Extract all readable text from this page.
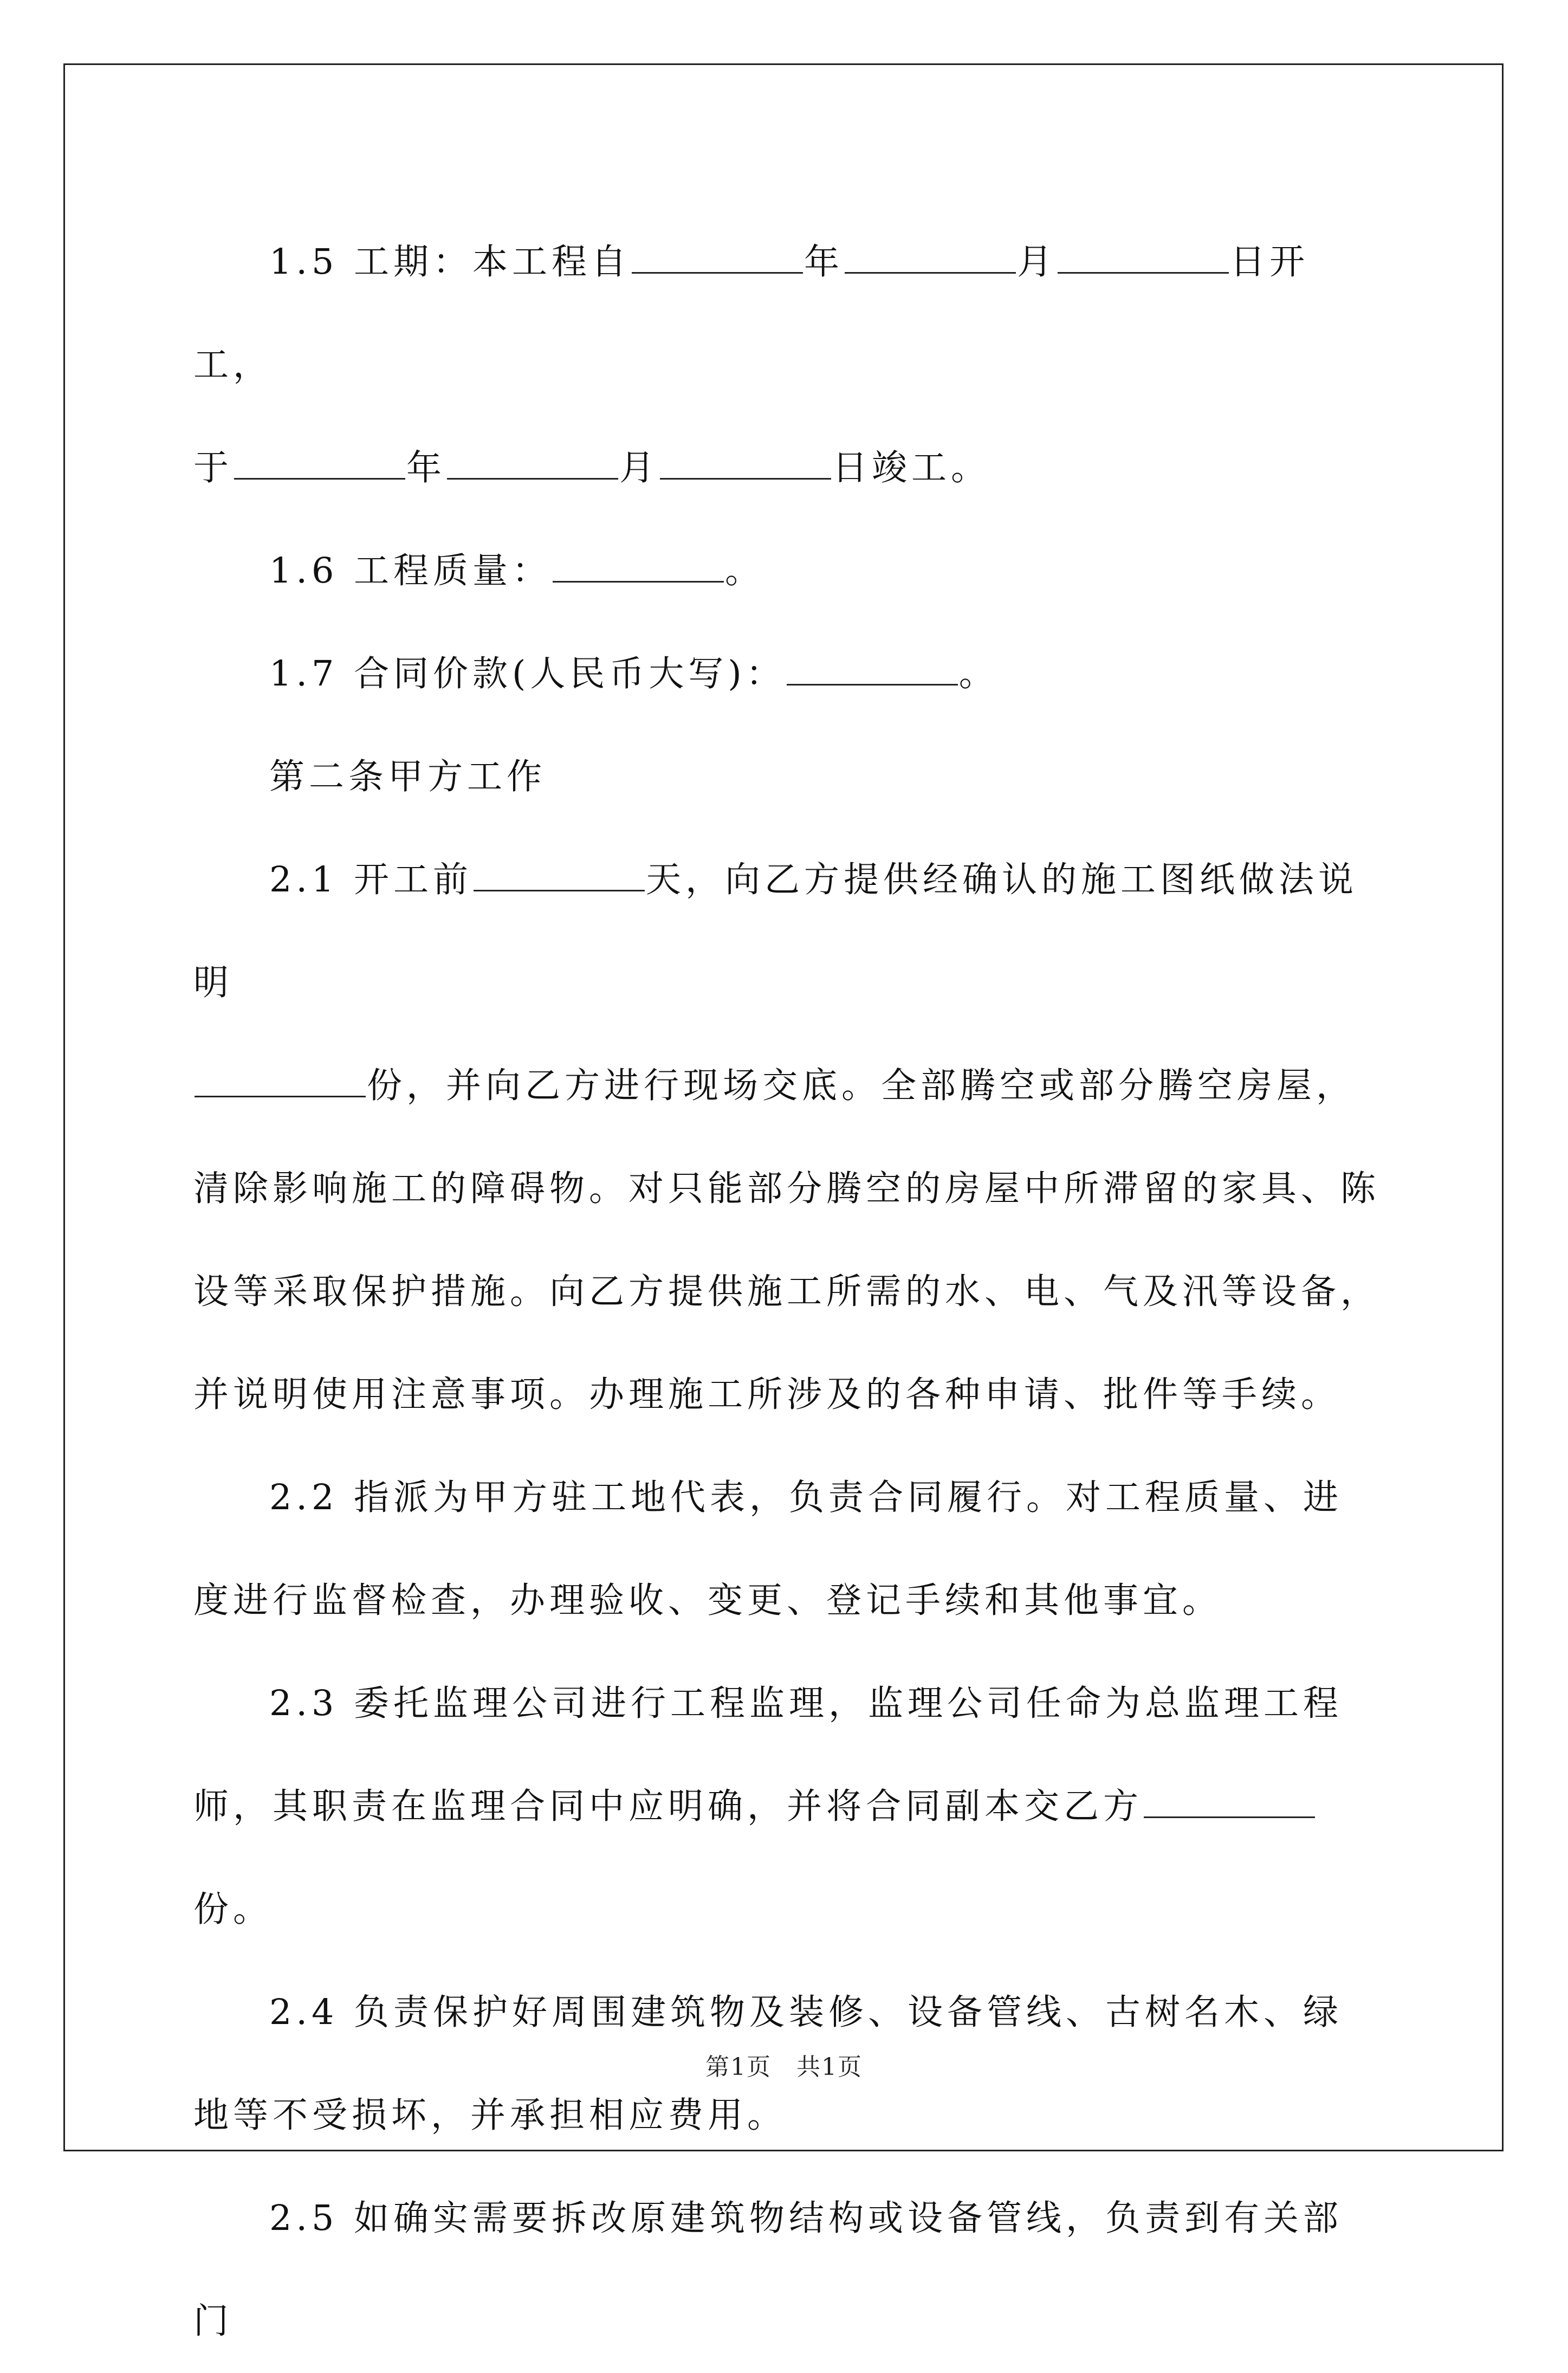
1.5 工期：本工程自	年	月	日开工，

于	年	月	日竣工。

1.6 工程质量：	。

1.7 合同价款(人民币大写)：	。

第二条甲方工作

2.1 开工前	天，向乙方提供经确认的施工图纸做法说明

份，并向乙方进行现场交底。全部腾空或部分腾空房屋，清除影响施工的障碍物。对只能部分腾空的房屋中所滞留的家具、陈设等采取保护措施。向乙方提供施工所需的水、电、气及汛等设备，并说明使用注意事项。办理施工所涉及的各种申请、批件等手续。

2.2 指派为甲方驻工地代表，负责合同履行。对工程质量、进度进行监督检查，办理验收、变更、登记手续和其他事宜。

2.3 委托监理公司进行工程监理，监理公司任命为总监理工程师，其职责在监理合同中应明确，并将合同副本交乙方份。

2.4 负责保护好周围建筑物及装修、设备管线、古树名木、绿地等不受损坏，并承担相应费用。

2.5 如确实需要拆改原建筑物结构或设备管线，负责到有关部门

第1页　共1页
